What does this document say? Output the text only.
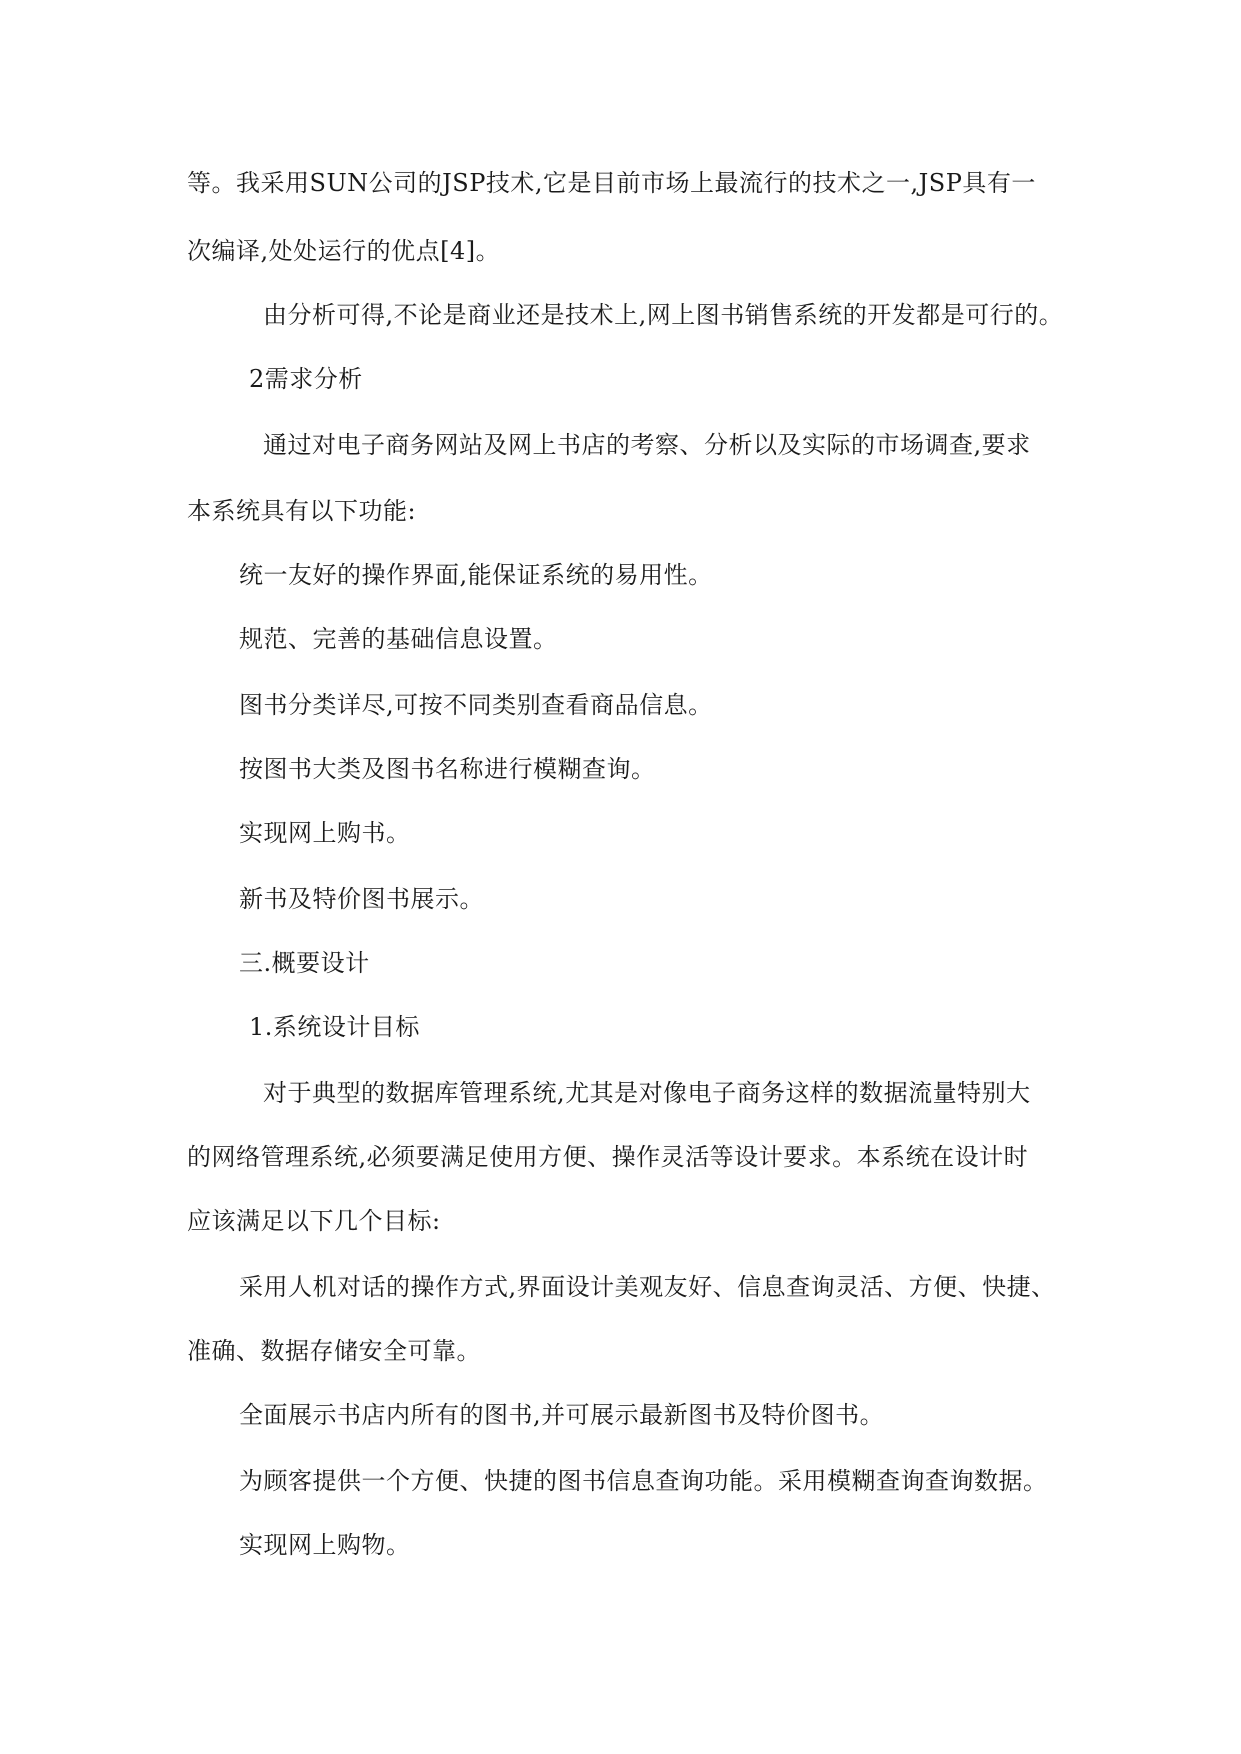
等。我采用SUN公司的JSP技术,它是目前市场上最流行的技术之一,JSP具有一
次编译,处处运行的优点[4]。
由分析可得,不论是商业还是技术上,网上图书销售系统的开发都是可行的。
2需求分析
通过对电子商务网站及网上书店的考察、分析以及实际的市场调查,要求
本系统具有以下功能:
统一友好的操作界面,能保证系统的易用性。
规范、完善的基础信息设置。
图书分类详尽,可按不同类别查看商品信息。
按图书大类及图书名称进行模糊查询。
实现网上购书。
新书及特价图书展示。
三.概要设计
1.系统设计目标
对于典型的数据库管理系统,尤其是对像电子商务这样的数据流量特别大
的网络管理系统,必须要满足使用方便、操作灵活等设计要求。本系统在设计时
应该满足以下几个目标:
采用人机对话的操作方式,界面设计美观友好、信息查询灵活、方便、快捷、
准确、数据存储安全可靠。
全面展示书店内所有的图书,并可展示最新图书及特价图书。
为顾客提供一个方便、快捷的图书信息查询功能。采用模糊查询查询数据。
实现网上购物。
